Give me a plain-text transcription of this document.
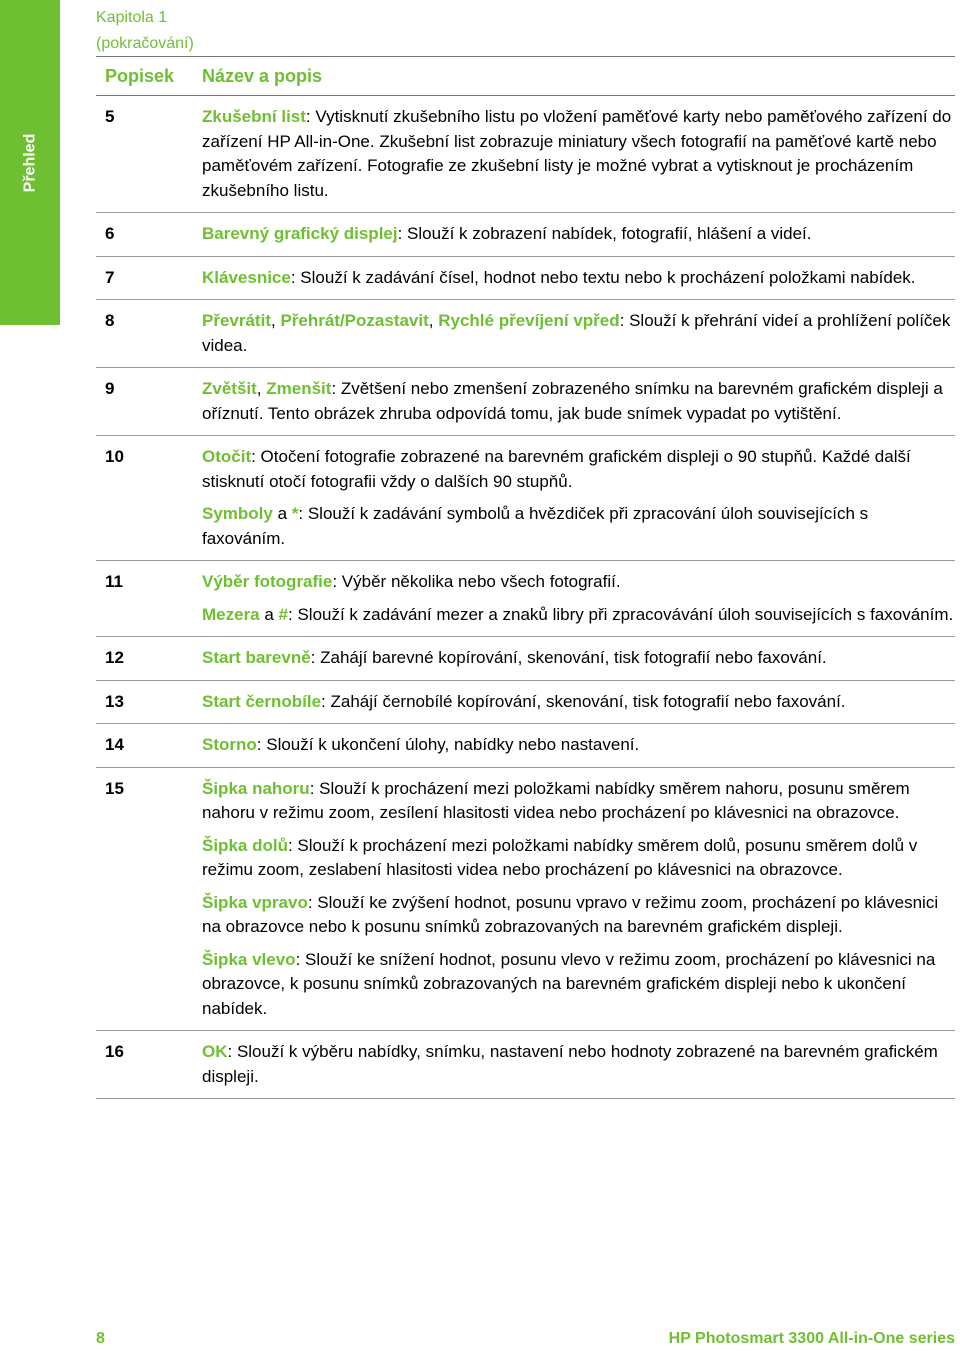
Přehled
Kapitola 1
(pokračování)
Popisek	Název a popis
5	Zkušební list: Vytisknutí zkušebního listu po vložení paměťové karty nebo paměťového zařízení do zařízení HP All-in-One. Zkušební list zobrazuje miniatury všech fotografií na paměťové kartě nebo paměťovém zařízení. Fotografie ze zkušební listy je možné vybrat a vytisknout je procházením zkušebního listu.
6	Barevný grafický displej: Slouží k zobrazení nabídek, fotografií, hlášení a videí.
7	Klávesnice: Slouží k zadávání čísel, hodnot nebo textu nebo k procházení položkami nabídek.
8	Převrátit, Přehrát/Pozastavit, Rychlé převíjení vpřed: Slouží k přehrání videí a prohlížení políček videa.
9	Zvětšit, Zmenšit: Zvětšení nebo zmenšení zobrazeného snímku na barevném grafickém displeji a oříznutí. Tento obrázek zhruba odpovídá tomu, jak bude snímek vypadat po vytištění.
10	Otočit: Otočení fotografie zobrazené na barevném grafickém displeji o 90 stupňů. Každé další stisknutí otočí fotografii vždy o dalších 90 stupňů.
Symboly a *: Slouží k zadávání symbolů a hvězdiček při zpracování úloh souvisejících s faxováním.
11	Výběr fotografie: Výběr několika nebo všech fotografií.
Mezera a #: Slouží k zadávání mezer a znaků libry při zpracovávání úloh souvisejících s faxováním.
12	Start barevně: Zahájí barevné kopírování, skenování, tisk fotografií nebo faxování.
13	Start černobíle: Zahájí černobílé kopírování, skenování, tisk fotografií nebo faxování.
14	Storno: Slouží k ukončení úlohy, nabídky nebo nastavení.
15	Šipka nahoru: Slouží k procházení mezi položkami nabídky směrem nahoru, posunu směrem nahoru v režimu zoom, zesílení hlasitosti videa nebo procházení po klávesnici na obrazovce.
Šipka dolů: Slouží k procházení mezi položkami nabídky směrem dolů, posunu směrem dolů v režimu zoom, zeslabení hlasitosti videa nebo procházení po klávesnici na obrazovce.
Šipka vpravo: Slouží ke zvýšení hodnot, posunu vpravo v režimu zoom, procházení po klávesnici na obrazovce nebo k posunu snímků zobrazovaných na barevném grafickém displeji.
Šipka vlevo: Slouží ke snížení hodnot, posunu vlevo v režimu zoom, procházení po klávesnici na obrazovce, k posunu snímků zobrazovaných na barevném grafickém displeji nebo k ukončení nabídek.
16	OK: Slouží k výběru nabídky, snímku, nastavení nebo hodnoty zobrazené na barevném grafickém displeji.
8	HP Photosmart 3300 All-in-One series
